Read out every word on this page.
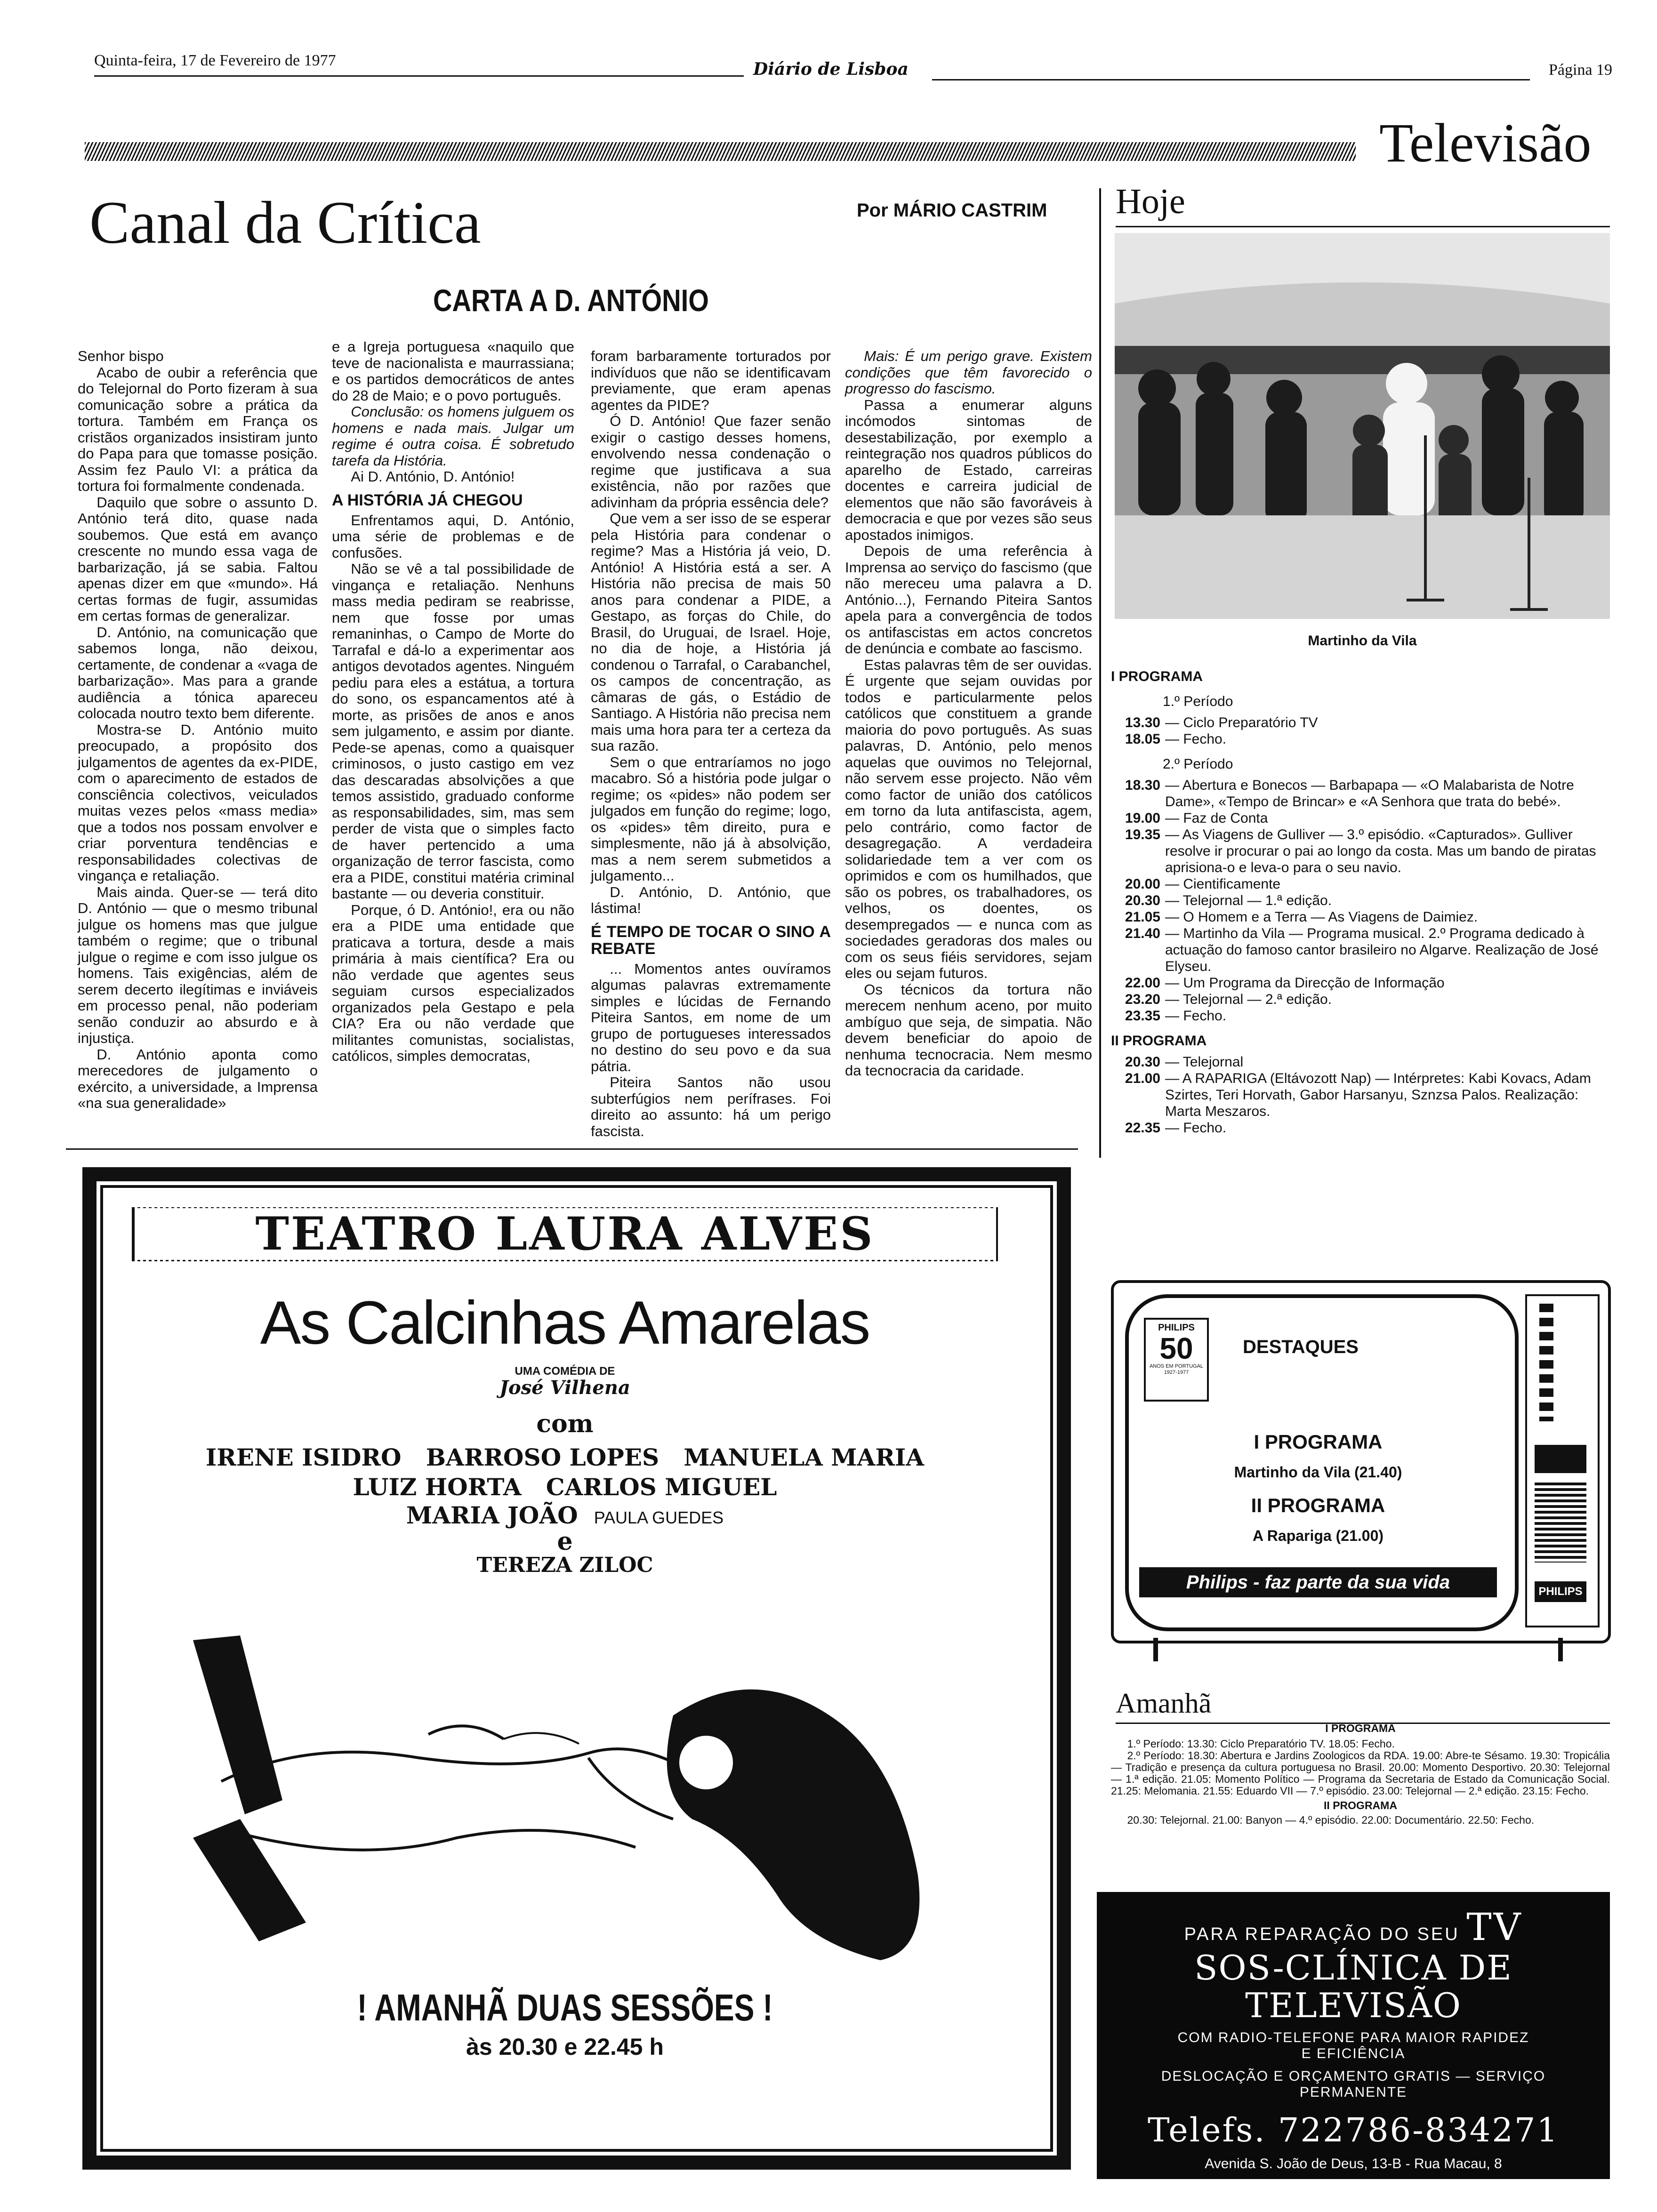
Quinta-feira, 17 de Fevereiro de 1977	Diário de Lisboa	Página 19
Televisão
Canal da Crítica	Por MÁRIO CASTRIM
CARTA A D. ANTÓNIO

Senhor bispo

Acabo de oubir a referência que do Telejornal do Porto fizeram à sua comunicação sobre a prática da tortura. Também em França os cristãos organizados insistiram junto do Papa para que tomasse posição. Assim fez Paulo VI: a prática da tortura foi formalmente condenada.

Daquilo que sobre o assunto D. António terá dito, quase nada soubemos. Que está em avanço crescente no mundo essa vaga de barbarização, já se sabia. Faltou apenas dizer em que «mundo». Há certas formas de fugir, assumidas em certas formas de generalizar.

D. António, na comunicação que sabemos longa, não deixou, certamente, de condenar a «vaga de barbarização». Mas para a grande audiência a tónica apareceu colocada noutro texto bem diferente.

Mostra-se D. António muito preocupado, a propósito dos julgamentos de agentes da ex-PIDE, com o aparecimento de estados de consciência colectivos, veiculados muitas vezes pelos «mass media» que a todos nos possam envolver e criar porventura tendências e responsabilidades colectivas de vingança e retaliação.

Mais ainda. Quer-se — terá dito D. António — que o mesmo tribunal julgue os homens mas que julgue também o regime; que o tribunal julgue o regime e com isso julgue os homens. Tais exigências, além de serem decerto ilegítimas e inviáveis em processo penal, não poderiam senão conduzir ao absurdo e à injustiça.

D. António aponta como merecedores de julgamento o exército, a universidade, a Imprensa «na sua generalidade»

e a Igreja portuguesa «naquilo que teve de nacionalista e maurrassiana; e os partidos democráticos de antes do 28 de Maio; e o povo português.

Conclusão: os homens julguem os homens e nada mais. Julgar um regime é outra coisa. É sobretudo tarefa da História.

Ai D. António, D. António!

A HISTÓRIA JÁ CHEGOU

Enfrentamos aqui, D. António, uma série de problemas e de confusões.

Não se vê a tal possibilidade de vingança e retaliação. Nenhuns mass media pediram se reabrisse, nem que fosse por umas remaninhas, o Campo de Morte do Tarrafal e dá-lo a experimentar aos antigos devotados agentes. Ninguém pediu para eles a estátua, a tortura do sono, os espancamentos até à morte, as prisões de anos e anos sem julgamento, e assim por diante. Pede-se apenas, como a quaisquer criminosos, o justo castigo em vez das descaradas absolvições a que temos assistido, graduado conforme as responsabilidades, sim, mas sem perder de vista que o simples facto de haver pertencido a uma organização de terror fascista, como era a PIDE, constitui matéria criminal bastante — ou deveria constituir.

Porque, ó D. António!, era ou não era a PIDE uma entidade que praticava a tortura, desde a mais primária à mais científica? Era ou não verdade que agentes seus seguiam cursos especializados organizados pela Gestapo e pela CIA? Era ou não verdade que militantes comunistas, socialistas, católicos, simples democratas,

foram barbaramente torturados por indivíduos que não se identificavam previamente, que eram apenas agentes da PIDE?

Ó D. António! Que fazer senão exigir o castigo desses homens, envolvendo nessa condenação o regime que justificava a sua existência, não por razões que adivinham da própria essência dele?

Que vem a ser isso de se esperar pela História para condenar o regime? Mas a História já veio, D. António! A História está a ser. A História não precisa de mais 50 anos para condenar a PIDE, a Gestapo, as forças do Chile, do Brasil, do Uruguai, de Israel. Hoje, no dia de hoje, a História já condenou o Tarrafal, o Carabanchel, os campos de concentração, as câmaras de gás, o Estádio de Santiago. A História não precisa nem mais uma hora para ter a certeza da sua razão.

Sem o que entraríamos no jogo macabro. Só a história pode julgar o regime; os «pides» não podem ser julgados em função do regime; logo, os «pides» têm direito, pura e simplesmente, não já à absolvição, mas a nem serem submetidos a julgamento...

D. António, D. António, que lástima!

É TEMPO DE TOCAR O SINO A REBATE

... Momentos antes ouvíramos algumas palavras extremamente simples e lúcidas de Fernando Piteira Santos, em nome de um grupo de portugueses interessados no destino do seu povo e da sua pátria.

Piteira Santos não usou subterfúgios nem perífrases. Foi direito ao assunto: há um perigo fascista.

Mais: É um perigo grave. Existem condições que têm favorecido o progresso do fascismo.

Passa a enumerar alguns incómodos sintomas de desestabilização, por exemplo a reintegração nos quadros públicos do aparelho de Estado, carreiras docentes e carreira judicial de elementos que não são favoráveis à democracia e que por vezes são seus apostados inimigos.

Depois de uma referência à Imprensa ao serviço do fascismo (que não mereceu uma palavra a D. António...), Fernando Piteira Santos apela para a convergência de todos os antifascistas em actos concretos de denúncia e combate ao fascismo.

Estas palavras têm de ser ouvidas. É urgente que sejam ouvidas por todos e particularmente pelos católicos que constituem a grande maioria do povo português. As suas palavras, D. António, pelo menos aquelas que ouvimos no Telejornal, não servem esse projecto. Não vêm como factor de união dos católicos em torno da luta antifascista, agem, pelo contrário, como factor de desagregação. A verdadeira solidariedade tem a ver com os oprimidos e com os humilhados, que são os pobres, os trabalhadores, os velhos, os doentes, os desempregados — e nunca com as sociedades geradoras dos males ou com os seus fiéis servidores, sejam eles ou sejam futuros.

Os técnicos da tortura não merecem nenhum aceno, por muito ambíguo que seja, de simpatia. Não devem beneficiar do apoio de nenhuma tecnocracia. Nem mesmo da tecnocracia da caridade.

Hoje
Martinho da Vila
I PROGRAMA
1.º Período
13.30 — Ciclo Preparatório TV
18.05 — Fecho.
2.º Período
18.30 — Abertura e Bonecos — Barbapapa — «O Malabarista de Notre Dame», «Tempo de Brincar» e «A Senhora que trata do bebé».
19.00 — Faz de Conta
19.35 — As Viagens de Gulliver — 3.º episódio. «Capturados». Gulliver resolve ir procurar o pai ao longo da costa. Mas um bando de piratas aprisiona-o e leva-o para o seu navio.
20.00 — Cientificamente
20.30 — Telejornal — 1.ª edição.
21.05 — O Homem e a Terra — As Viagens de Daimiez.
21.40 — Martinho da Vila — Programa musical. 2.º Programa dedicado à actuação do famoso cantor brasileiro no Algarve. Realização de José Elyseu.
22.00 — Um Programa da Direcção de Informação
23.20 — Telejornal — 2.ª edição.
23.35 — Fecho.
II PROGRAMA
20.30 — Telejornal
21.00 — A RAPARIGA (Eltávozott Nap) — Intérpretes: Kabi Kovacs, Adam Szirtes, Teri Horvath, Gabor Harsanyu, Sznzsa Palos. Realização: Marta Meszaros.
22.35 — Fecho.
PHILIPS
PHILIPS
50
ANOS EM PORTUGAL 1927-1977
DESTAQUES
I PROGRAMA
Martinho da Vila (21.40)
II PROGRAMA
A Rapariga (21.00)
Philips - faz parte da sua vida
Amanhã
I PROGRAMA
1.º Período: 13.30: Ciclo Preparatório TV. 18.05: Fecho.
2.º Período: 18.30: Abertura e Jardins Zoologicos da RDA. 19.00: Abre-te Sésamo. 19.30: Tropicália — Tradição e presença da cultura portuguesa no Brasil. 20.00: Momento Desportivo. 20.30: Telejornal — 1.ª edição. 21.05: Momento Político — Programa da Secretaria de Estado da Comunicação Social. 21.25: Melomania. 21.55: Eduardo VII — 7.º episódio. 23.00: Telejornal — 2.ª edição. 23.15: Fecho.
II PROGRAMA
20.30: Telejornal. 21.00: Banyon — 4.º episódio. 22.00: Documentário. 22.50: Fecho.
PARA REPARAÇÃO DO SEU TV
SOS-CLÍNICA DE TELEVISÃO
COM RADIO-TELEFONE PARA MAIOR RAPIDEZ
E EFICIÊNCIA
DESLOCAÇÃO E ORÇAMENTO GRATIS — SERVIÇO
PERMANENTE
Telefs. 722786-834271
Avenida S. João de Deus, 13-B - Rua Macau, 8
TEATRO LAURA ALVES
As Calcinhas Amarelas
UMA COMÉDIA DE
José Vilhena
com
IRENE ISIDRO   BARROSO LOPES   MANUELA MARIA
LUIZ HORTA   CARLOS MIGUEL
MARIA JOÃO PAULA GUEDES
e
TEREZA ZILOC
! AMANHÃ DUAS SESSÕES !
às 20.30 e 22.45 h
